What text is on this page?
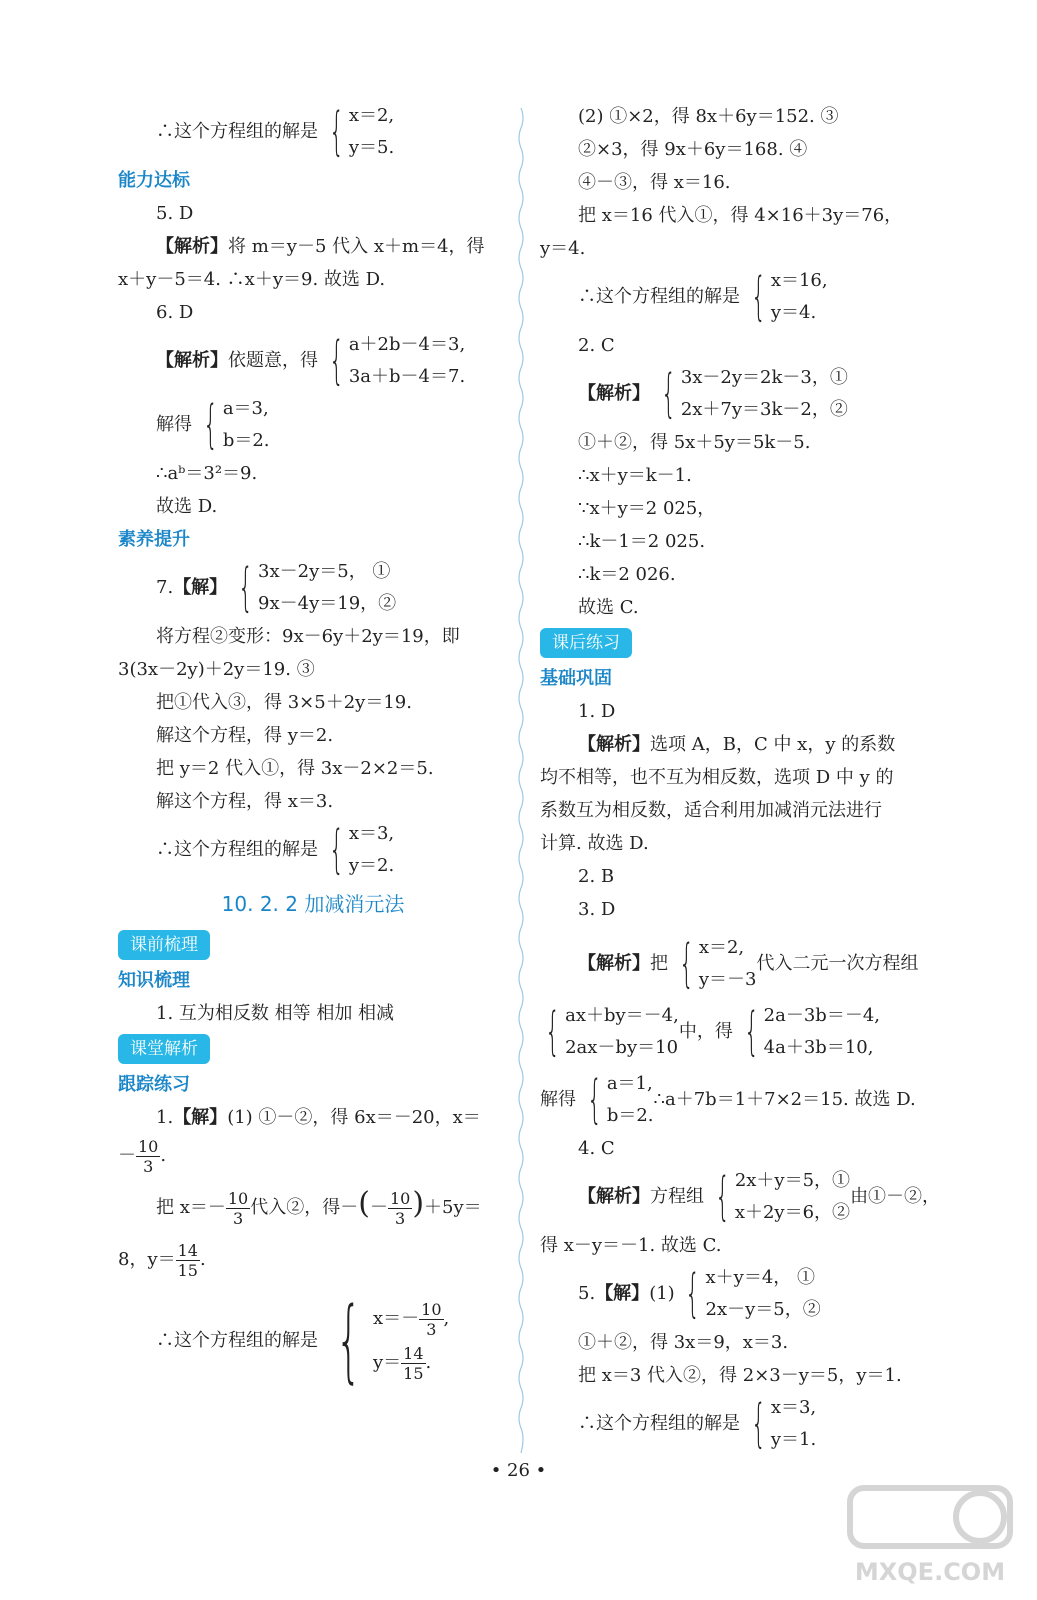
∴这个方程组的解是 { x＝2,
y＝5.
能力达标
5. D
【解析】将 m＝y－5 代入 x＋m＝4，得
x＋y－5＝4. ∴x＋y＝9. 故选 D.
6. D
【解析】依题意，得 { a＋2b－4＝3,
3a＋b－4＝7.
解得 { a＝3,
b＝2.
∴aᵇ＝3²＝9.
故选 D.
素养提升
7.【解】 { 3x－2y＝5， ①
9x－4y＝19，②
将方程②变形：9x－6y＋2y＝19，即
3(3x－2y)＋2y＝19. ③
把①代入③，得 3×5＋2y＝19.
解这个方程，得 y＝2.
把 y＝2 代入①，得 3x－2×2＝5.
解这个方程，得 x＝3.
∴这个方程组的解是 { x＝3,
y＝2.
10. 2. 2 加减消元法
课前梳理
知识梳理
1. 互为相反数 相等 相加 相减
课堂解析
跟踪练习
1.【解】(1) ①－②，得 6x＝－20，x＝
－ $\frac{10}{3}$ .
把 $x=- \frac{10}{3}$ 代入②，得－(－ $\frac{10}{3} )+5y=$
8，$y= \frac{14}{15}$ .
∴这个方程组的解是 { $x=- \frac{10}{3}$ ,
$y= \frac{14}{15}$ .
(2) ①×2，得 8x＋6y＝152. ③
②×3，得 9x＋6y＝168. ④
④－③，得 x＝16.
把 x＝16 代入①，得 4×16＋3y＝76，
y＝4.
∴这个方程组的解是 { x＝16,
y＝4.
2. C
【解析】 { 3x－2y＝2k－3，①
2x＋7y＝3k－2，②
①＋②，得 5x＋5y＝5k－5.
∴x＋y＝k－1.
∵x＋y＝2 025，
∴k－1＝2 025.
∴k＝2 026.
故选 C.
课后练习
基础巩固
1. D
【解析】选项 A，B，C 中 x，y 的系数
均不相等，也不互为相反数，选项 D 中 y 的
系数互为相反数，适合利用加减消元法进行
计算. 故选 D.
2. B
3. D
【解析】把 { x＝2,
y＝－3
代入二元一次方程组
{ ax＋by＝－4,
2ax－by＝10
中，得 { 2a－3b＝－4,
4a＋3b＝10,
解得 { a＝1,
b＝2.
∴a＋7b＝1＋7×2＝15. 故选 D.
4. C
【解析】方程组 { 2x＋y＝5，①
x＋2y＝6，②
由①－②，
得 x－y＝－1. 故选 C.
5.【解】(1) { x＋y＝4， ①
2x－y＝5，②
①＋②，得 3x＝9，x＝3.
把 x＝3 代入②，得 2×3－y＝5，y＝1.
∴这个方程组的解是 { x＝3,
y＝1.
• 26 •
MXQE.COM
